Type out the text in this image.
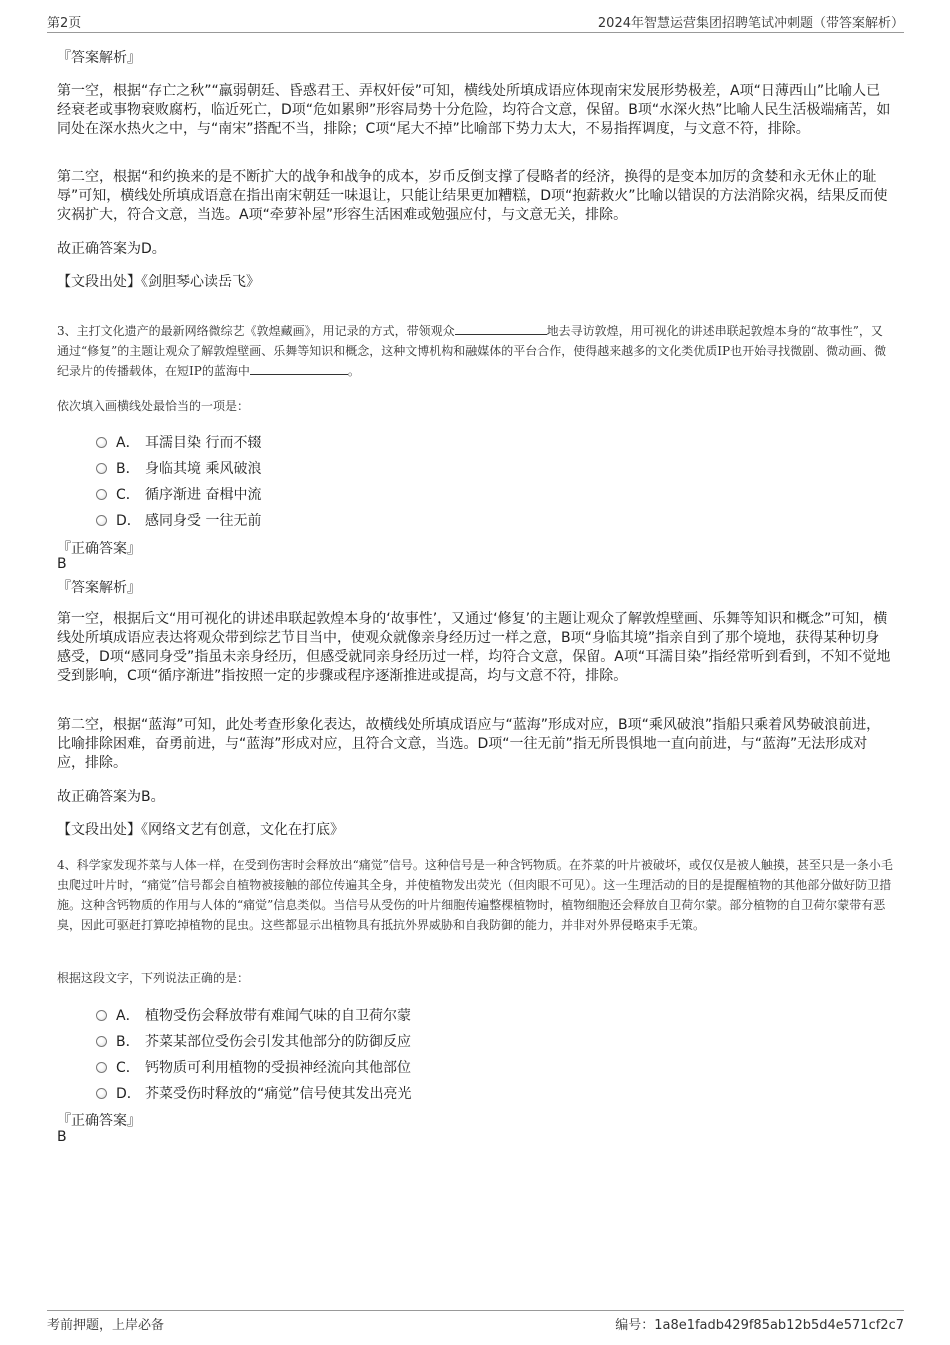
第2页	2024年智慧运营集团招聘笔试冲刺题（带答案解析）
『答案解析』
第一空，根据“存亡之秋”“羸弱朝廷、昏惑君王、弄权奸佞”可知，横线处所填成语应体现南宋发展形势极差，A项“日薄西山”比喻人已经衰老或事物衰败腐朽，临近死亡，D项“危如累卵”形容局势十分危险，均符合文意，保留。B项“水深火热”比喻人民生活极端痛苦，如同处在深水热火之中，与“南宋”搭配不当，排除；C项“尾大不掉”比喻部下势力太大，不易指挥调度，与文意不符，排除。
第二空，根据“和约换来的是不断扩大的战争和战争的成本，岁币反倒支撑了侵略者的经济，换得的是变本加厉的贪婪和永无休止的耻辱”可知，横线处所填成语意在指出南宋朝廷一味退让，只能让结果更加糟糕，D项“抱薪救火”比喻以错误的方法消除灾祸，结果反而使灾祸扩大，符合文意，当选。A项“牵萝补屋”形容生活困难或勉强应付，与文意无关，排除。
故正确答案为D。
【文段出处】《剑胆琴心读岳飞》
3、主打文化遗产的最新网络微综艺《敦煌藏画》，用记录的方式，带领观众	地去寻访敦煌，用可视化的讲述串联起敦煌本身的“故事性”，又通过“修复”的主题让观众了解敦煌壁画、乐舞等知识和概念，这种文博机构和融媒体的平台合作，使得越来越多的文化类优质IP也开始寻找微剧、微动画、微纪录片的传播载体，在短IP的蓝海中	。
依次填入画横线处最恰当的一项是：
A． 耳濡目染 行而不辍
B． 身临其境 乘风破浪
C． 循序渐进 奋楫中流
D． 感同身受 一往无前
『正确答案』
B
『答案解析』
第一空，根据后文“用可视化的讲述串联起敦煌本身的‘故事性’，又通过‘修复’的主题让观众了解敦煌壁画、乐舞等知识和概念”可知，横线处所填成语应表达将观众带到综艺节目当中，使观众就像亲身经历过一样之意，B项“身临其境”指亲自到了那个境地，获得某种切身感受，D项“感同身受”指虽未亲身经历，但感受就同亲身经历过一样，均符合文意，保留。A项“耳濡目染”指经常听到看到，不知不觉地受到影响，C项“循序渐进”指按照一定的步骤或程序逐渐推进或提高，均与文意不符，排除。
第二空，根据“蓝海”可知，此处考查形象化表达，故横线处所填成语应与“蓝海”形成对应，B项“乘风破浪”指船只乘着风势破浪前进，比喻排除困难，奋勇前进，与“蓝海”形成对应，且符合文意，当选。D项“一往无前”指无所畏惧地一直向前进，与“蓝海”无法形成对应，排除。
故正确答案为B。
【文段出处】《网络文艺有创意，文化在打底》
4、科学家发现芥菜与人体一样，在受到伤害时会释放出“痛觉”信号。这种信号是一种含钙物质。在芥菜的叶片被破坏，或仅仅是被人触摸，甚至只是一条小毛虫爬过叶片时，“痛觉”信号都会自植物被接触的部位传遍其全身，并使植物发出荧光（但肉眼不可见）。这一生理活动的目的是提醒植物的其他部分做好防卫措施。这种含钙物质的作用与人体的“痛觉”信息类似。当信号从受伤的叶片细胞传遍整棵植物时，植物细胞还会释放自卫荷尔蒙。部分植物的自卫荷尔蒙带有恶臭，因此可驱赶打算吃掉植物的昆虫。这些都显示出植物具有抵抗外界威胁和自我防御的能力，并非对外界侵略束手无策。
根据这段文字，下列说法正确的是：
A． 植物受伤会释放带有难闻气味的自卫荷尔蒙
B． 芥菜某部位受伤会引发其他部分的防御反应
C． 钙物质可利用植物的受损神经流向其他部位
D． 芥菜受伤时释放的“痛觉”信号使其发出亮光
『正确答案』
B
考前押题，上岸必备	编号：1a8e1fadb429f85ab12b5d4e571cf2c7
